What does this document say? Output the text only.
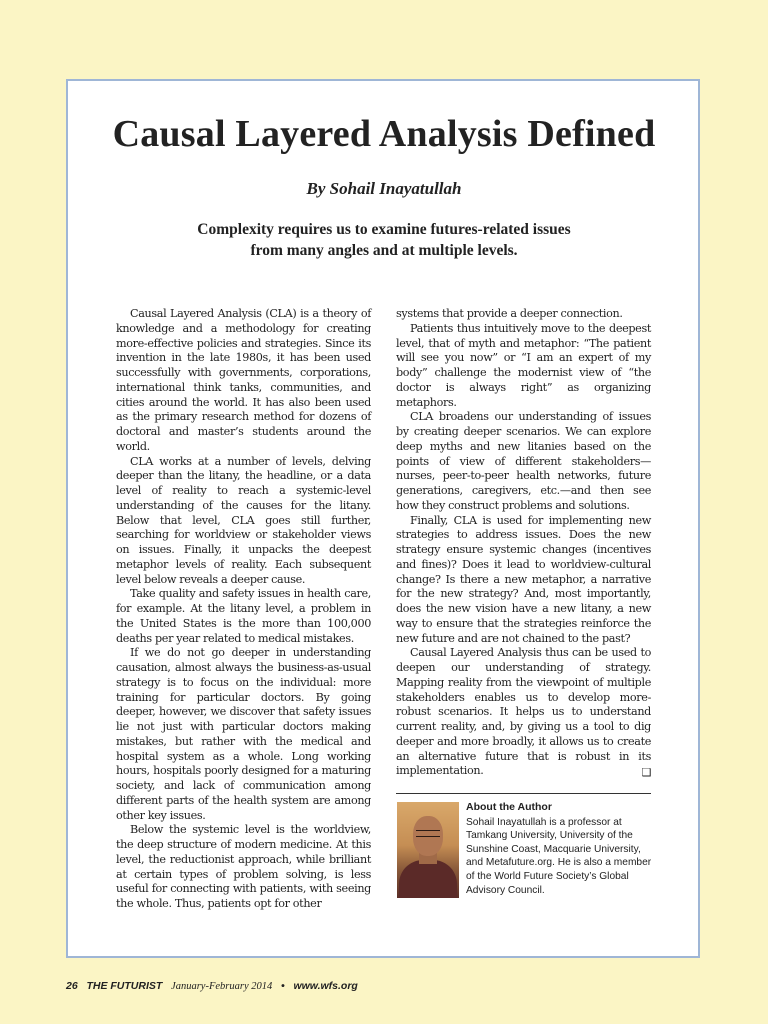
Causal Layered Analysis Defined
By Sohail Inayatullah
Complexity requires us to examine futures-related issues
from many angles and at multiple levels.

Causal Layered Analysis (CLA) is a theory of knowledge and a methodology for creating more-effective policies and strategies. Since its invention in the late 1980s, it has been used successfully with governments, corporations, international think tanks, communities, and cities around the world. It has also been used as the primary research method for dozens of doctoral and master’s students around the world.

CLA works at a number of levels, delving deeper than the litany, the headline, or a data level of reality to reach a systemic-level understanding of the causes for the litany. Below that level, CLA goes still further, searching for worldview or stakeholder views on issues. Finally, it unpacks the deepest metaphor levels of reality. Each subsequent level below reveals a deeper cause.

Take quality and safety issues in health care, for example. At the litany level, a problem in the United States is the more than 100,000 deaths per year related to medical mistakes.

If we do not go deeper in understanding causation, almost always the business-as-usual strategy is to focus on the individual: more training for particular doctors. By going deeper, however, we discover that safety issues lie not just with particular doctors making mistakes, but rather with the medical and hospital system as a whole. Long working hours, hospitals poorly designed for a maturing society, and lack of communication among different parts of the health system are among other key issues.

Below the systemic level is the worldview, the deep structure of modern medicine. At this level, the reductionist approach, while brilliant at certain types of problem solving, is less useful for connecting with patients, with seeing the whole. Thus, patients opt for other

systems that provide a deeper connection.

Patients thus intuitively move to the deepest level, that of myth and metaphor: “The patient will see you now” or “I am an expert of my body” challenge the modernist view of “the doctor is always right” as organizing metaphors.

CLA broadens our understanding of issues by creating deeper scenarios. We can explore deep myths and new litanies based on the points of view of different stakeholders—nurses, peer-to-peer health networks, future generations, caregivers, etc.—and then see how they construct problems and solutions.

Finally, CLA is used for implementing new strategies to address issues. Does the new strategy ensure systemic changes (incentives and fines)? Does it lead to worldview-cultural change? Is there a new metaphor, a narrative for the new strategy? And, most importantly, does the new vision have a new litany, a new way to ensure that the strategies reinforce the new future and are not chained to the past?

Causal Layered Analysis thus can be used to deepen our understanding of strategy. Mapping reality from the viewpoint of multiple stakeholders enables us to develop more-robust scenarios. It helps us to understand current reality, and, by giving us a tool to dig deeper and more broadly, it allows us to create an alternative future that is robust in its implementation.	❑

About the Author

Sohail Inayatullah is a professor at Tamkang University, University of the Sunshine Coast, Macquarie University, and Metafuture.org. He is also a member of the World Future Society’s Global Advisory Council.

26 THE FUTURIST January-February 2014 • www.wfs.org
